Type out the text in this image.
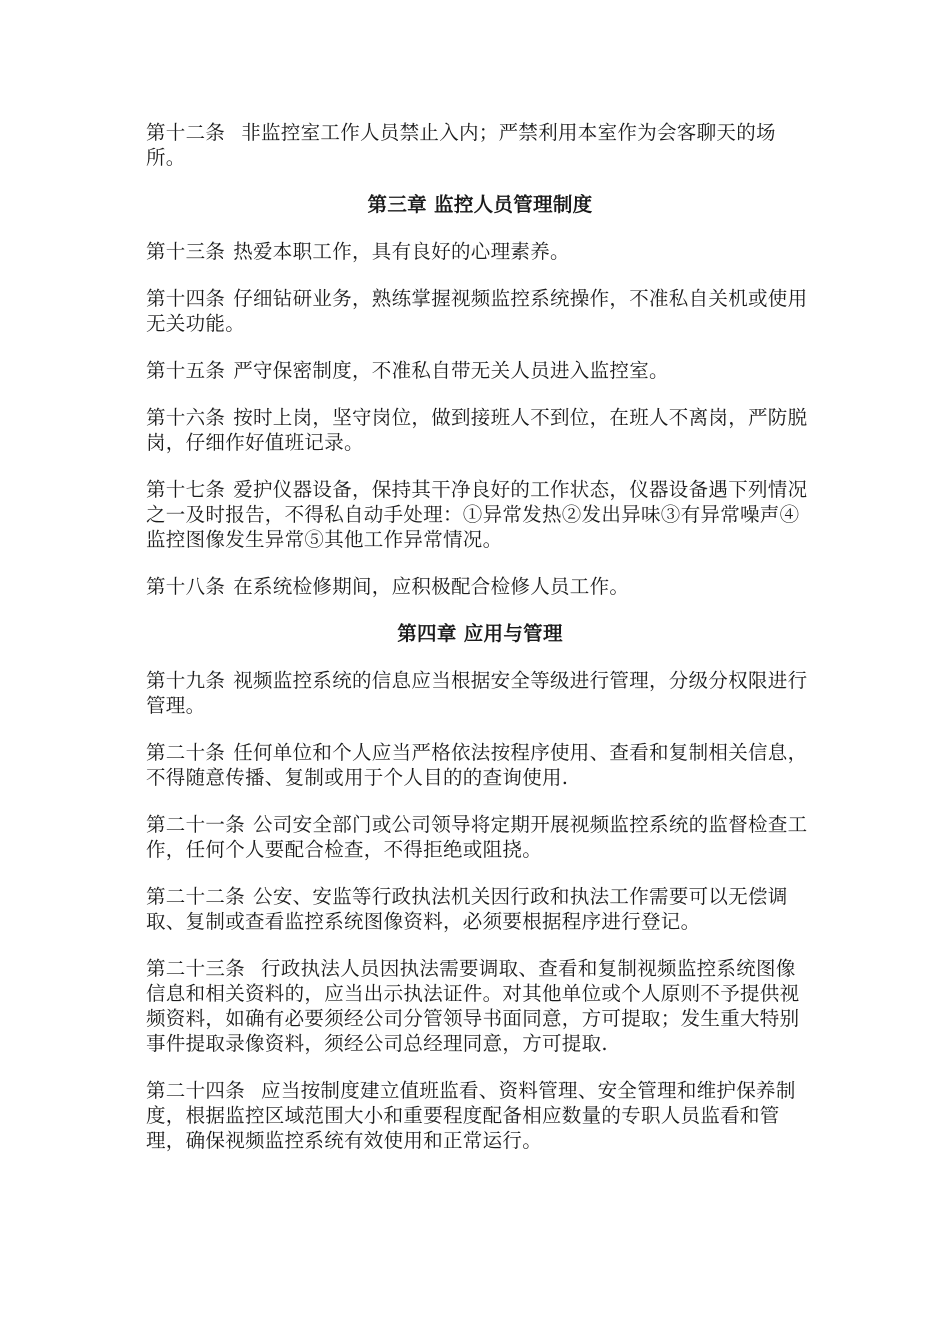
第十二条 非监控室工作人员禁止入内；严禁利用本室作为会客聊天的场所。

第三章 监控人员管理制度

第十三条 热爱本职工作，具有良好的心理素养。

第十四条 仔细钻研业务，熟练掌握视频监控系统操作，不准私自关机或使用无关功能。

第十五条 严守保密制度，不准私自带无关人员进入监控室。

第十六条 按时上岗，坚守岗位，做到接班人不到位，在班人不离岗，严防脱岗，仔细作好值班记录。

第十七条 爱护仪器设备，保持其干净良好的工作状态，仪器设备遇下列情况之一及时报告，不得私自动手处理：①异常发热②发出异味③有异常噪声④监控图像发生异常⑤其他工作异常情况。

第十八条 在系统检修期间，应积极配合检修人员工作。

第四章 应用与管理

第十九条 视频监控系统的信息应当根据安全等级进行管理，分级分权限进行管理。

第二十条 任何单位和个人应当严格依法按程序使用、查看和复制相关信息，不得随意传播、复制或用于个人目的的查询使用.

第二十一条 公司安全部门或公司领导将定期开展视频监控系统的监督检查工作，任何个人要配合检查，不得拒绝或阻挠。

第二十二条 公安、安监等行政执法机关因行政和执法工作需要可以无偿调取、复制或查看监控系统图像资料，必须要根据程序进行登记。

第二十三条 行政执法人员因执法需要调取、查看和复制视频监控系统图像信息和相关资料的，应当出示执法证件。对其他单位或个人原则不予提供视频资料，如确有必要须经公司分管领导书面同意，方可提取；发生重大特别事件提取录像资料，须经公司总经理同意，方可提取.

第二十四条 应当按制度建立值班监看、资料管理、安全管理和维护保养制度，根据监控区域范围大小和重要程度配备相应数量的专职人员监看和管理，确保视频监控系统有效使用和正常运行。
